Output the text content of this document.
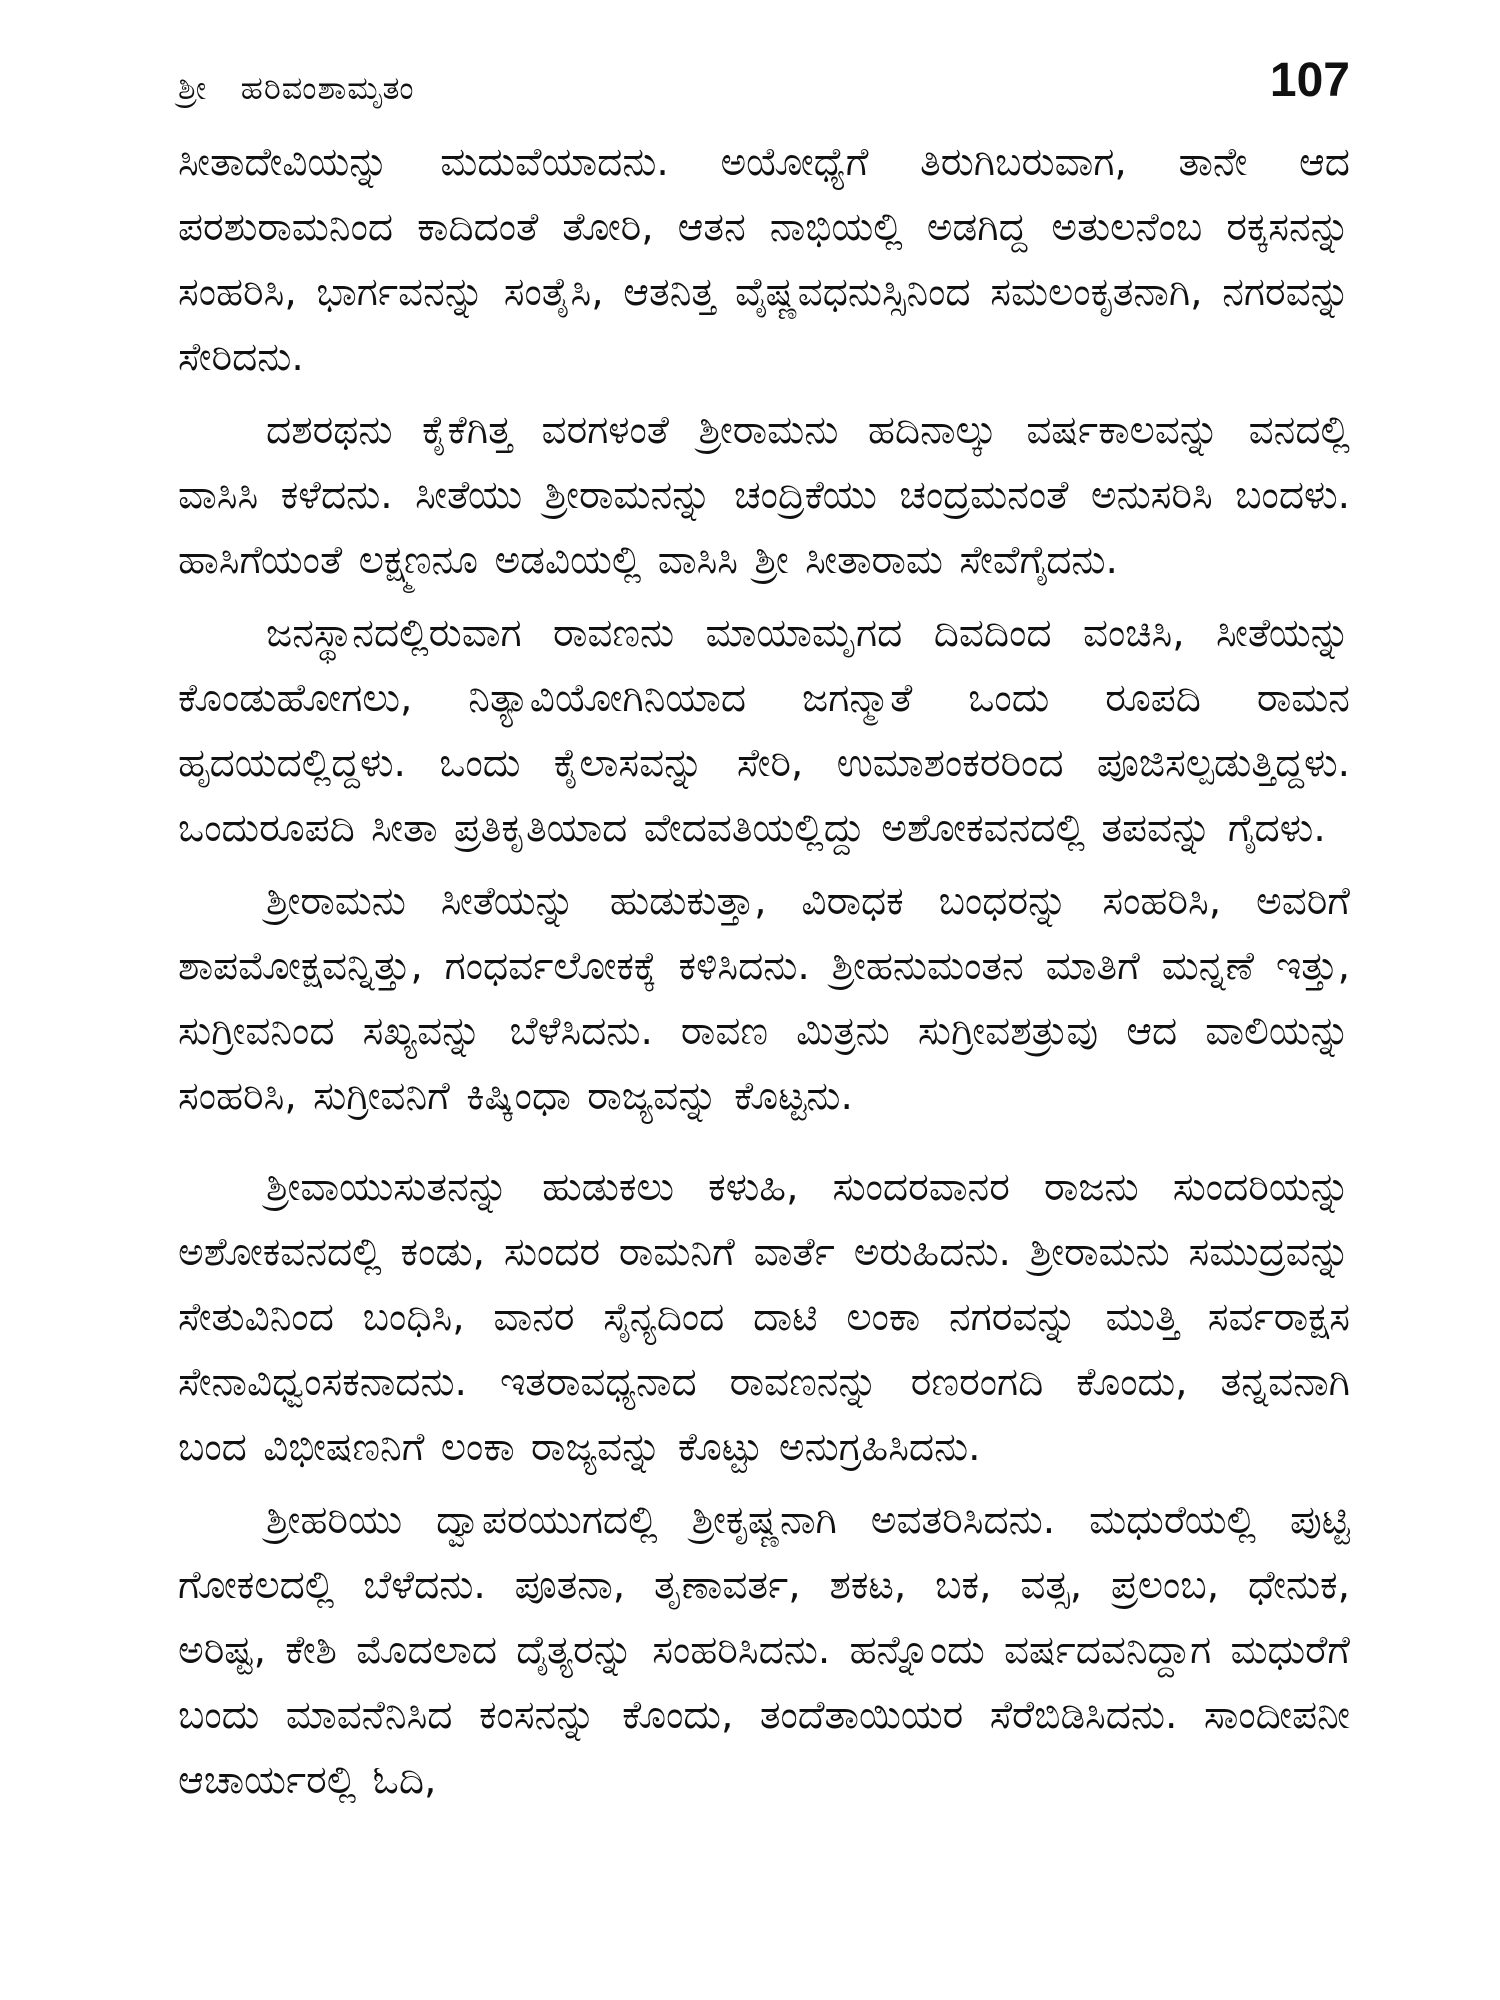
ಶ್ರೀ   ಹರಿವಂಶಾಮೃತಂ	107

ಸೀತಾದೇವಿಯನ್ನು ಮದುವೆಯಾದನು. ಅಯೋಧ್ಯೆಗೆ ತಿರುಗಿಬರುವಾಗ, ತಾನೇ ಆದ ಪರಶುರಾಮನಿಂದ ಕಾದಿದಂತೆ ತೋರಿ, ಆತನ ನಾಭಿಯಲ್ಲಿ ಅಡಗಿದ್ದ ಅತುಲನೆಂಬ ರಕ್ಕಸನನ್ನು ಸಂಹರಿಸಿ, ಭಾರ್ಗವನನ್ನು ಸಂತೈಸಿ, ಆತನಿತ್ತ ವೈಷ್ಣವಧನುಸ್ಸಿನಿಂದ ಸಮಲಂಕೃತನಾಗಿ, ನಗರವನ್ನು ಸೇರಿದನು.

ದಶರಥನು ಕೈಕೆಗಿತ್ತ ವರಗಳಂತೆ ಶ್ರೀರಾಮನು ಹದಿನಾಲ್ಕು ವರ್ಷಕಾಲವನ್ನು ವನದಲ್ಲಿ ವಾಸಿಸಿ ಕಳೆದನು. ಸೀತೆಯು ಶ್ರೀರಾಮನನ್ನು ಚಂದ್ರಿಕೆಯು ಚಂದ್ರಮನಂತೆ ಅನುಸರಿಸಿ ಬಂದಳು. ಹಾಸಿಗೆಯಂತೆ ಲಕ್ಷ್ಮಣನೂ ಅಡವಿಯಲ್ಲಿ ವಾಸಿಸಿ ಶ್ರೀ ಸೀತಾರಾಮ ಸೇವೆಗೈದನು.

ಜನಸ್ಥಾನದಲ್ಲಿರುವಾಗ ರಾವಣನು ಮಾಯಾಮೃಗದ ದಿವದಿಂದ ವಂಚಿಸಿ, ಸೀತೆಯನ್ನು ಕೊಂಡುಹೋಗಲು, ನಿತ್ಯಾವಿಯೋಗಿನಿಯಾದ ಜಗನ್ಮಾತೆ ಒಂದು ರೂಪದಿ ರಾಮನ ಹೃದಯದಲ್ಲಿದ್ದಳು. ಒಂದು ಕೈಲಾಸವನ್ನು ಸೇರಿ, ಉಮಾಶಂಕರರಿಂದ ಪೂಜಿಸಲ್ಪಡುತ್ತಿದ್ದಳು. ಒಂದುರೂಪದಿ ಸೀತಾ ಪ್ರತಿಕೃತಿಯಾದ ವೇದವತಿಯಲ್ಲಿದ್ದು ಅಶೋಕವನದಲ್ಲಿ ತಪವನ್ನು ಗೈದಳು.

ಶ್ರೀರಾಮನು ಸೀತೆಯನ್ನು ಹುಡುಕುತ್ತಾ, ವಿರಾಧಕ ಬಂಧರನ್ನು ಸಂಹರಿಸಿ, ಅವರಿಗೆ ಶಾಪಮೋಕ್ಷವನ್ನಿತ್ತು, ಗಂಧರ್ವಲೋಕಕ್ಕೆ ಕಳಿಸಿದನು. ಶ್ರೀಹನುಮಂತನ ಮಾತಿಗೆ ಮನ್ನಣೆ ಇತ್ತು, ಸುಗ್ರೀವನಿಂದ ಸಖ್ಯವನ್ನು ಬೆಳೆಸಿದನು. ರಾವಣ ಮಿತ್ರನು ಸುಗ್ರೀವಶತ್ರುವು ಆದ ವಾಲಿಯನ್ನು ಸಂಹರಿಸಿ, ಸುಗ್ರೀವನಿಗೆ ಕಿಷ್ಕಿಂಧಾ ರಾಜ್ಯವನ್ನು ಕೊಟ್ಟನು.

ಶ್ರೀವಾಯುಸುತನನ್ನು ಹುಡುಕಲು ಕಳುಹಿ, ಸುಂದರವಾನರ ರಾಜನು ಸುಂದರಿಯನ್ನು ಅಶೋಕವನದಲ್ಲಿ ಕಂಡು, ಸುಂದರ ರಾಮನಿಗೆ ವಾರ್ತೆ ಅರುಹಿದನು. ಶ್ರೀರಾಮನು ಸಮುದ್ರವನ್ನು ಸೇತುವಿನಿಂದ ಬಂಧಿಸಿ, ವಾನರ ಸೈನ್ಯದಿಂದ ದಾಟಿ ಲಂಕಾ ನಗರವನ್ನು ಮುತ್ತಿ ಸರ್ವರಾಕ್ಷಸ ಸೇನಾವಿಧ್ವಂಸಕನಾದನು. ಇತರಾವಧ್ಯನಾದ ರಾವಣನನ್ನು ರಣರಂಗದಿ ಕೊಂದು, ತನ್ನವನಾಗಿ ಬಂದ ವಿಭೀಷಣನಿಗೆ ಲಂಕಾ ರಾಜ್ಯವನ್ನು ಕೊಟ್ಟು ಅನುಗ್ರಹಿಸಿದನು.

ಶ್ರೀಹರಿಯು ದ್ವಾಪರಯುಗದಲ್ಲಿ ಶ್ರೀಕೃಷ್ಣನಾಗಿ ಅವತರಿಸಿದನು. ಮಧುರೆಯಲ್ಲಿ ಪುಟ್ಟಿ ಗೋಕಲದಲ್ಲಿ ಬೆಳೆದನು. ಪೂತನಾ, ತೃಣಾವರ್ತ, ಶಕಟ, ಬಕ, ವತ್ಸ, ಪ್ರಲಂಬ, ಧೇನುಕ, ಅರಿಷ್ಟ, ಕೇಶಿ ಮೊದಲಾದ ದೈತ್ಯರನ್ನು ಸಂಹರಿಸಿದನು. ಹನ್ನೊಂದು ವರ್ಷದವನಿದ್ದಾಗ ಮಧುರೆಗೆ ಬಂದು ಮಾವನೆನಿಸಿದ ಕಂಸನನ್ನು ಕೊಂದು, ತಂದೆತಾಯಿಯರ ಸೆರೆಬಿಡಿಸಿದನು. ಸಾಂದೀಪನೀ ಆಚಾರ್ಯರಲ್ಲಿ ಓದಿ,
